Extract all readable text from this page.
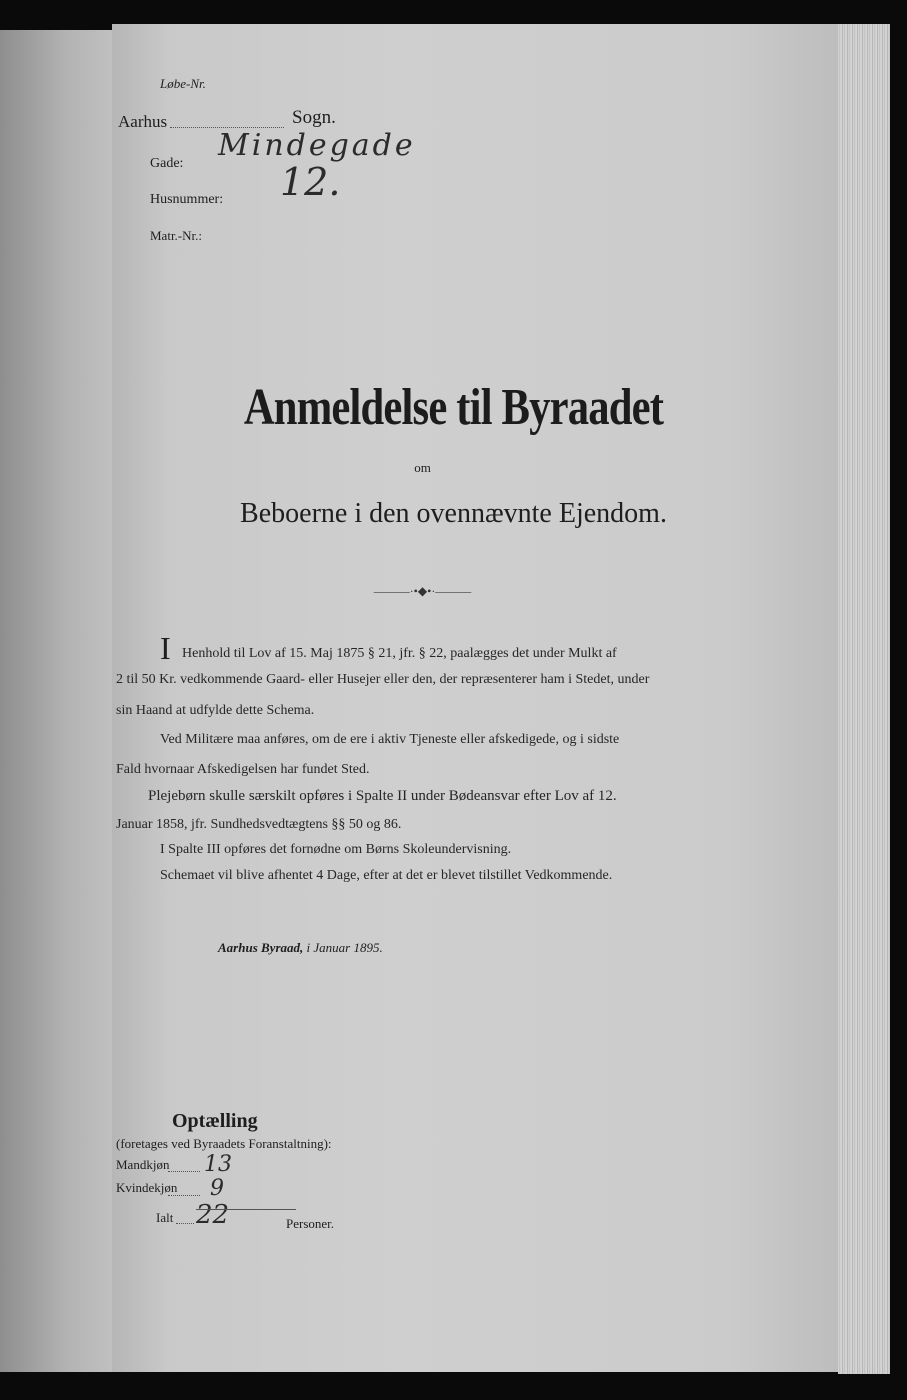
Løbe-Nr.
Aarhus	Sogn.
Gade:
Mindegade
Husnummer: 12.
Matr.-Nr.:
Anmeldelse til Byraadet
om
Beboerne i den ovennævnte Ejendom.
———·•◆•·———
I Henhold til Lov af 15. Maj 1875 § 21, jfr. § 22, paalægges det under Mulkt af
2 til 50 Kr. vedkommende Gaard- eller Husejer eller den, der repræsenterer ham i Stedet, under
sin Haand at udfylde dette Schema.
Ved Militære maa anføres, om de ere i aktiv Tjeneste eller afskedigede, og i sidste
Fald hvornaar Afskedigelsen har fundet Sted.
Plejebørn skulle særskilt opføres i Spalte II under Bødeansvar efter Lov af 12.
Januar 1858, jfr. Sundhedsvedtægtens §§ 50 og 86.
I Spalte III opføres det fornødne om Børns Skoleundervisning.
Schemaet vil blive afhentet 4 Dage, efter at det er blevet tilstillet Vedkommende.
Aarhus Byraad, i Januar 1895.
Optælling
(foretages ved Byraadets Foranstaltning):
Mandkjøn 13
Kvindekjøn 9
Ialt 22	Personer.
